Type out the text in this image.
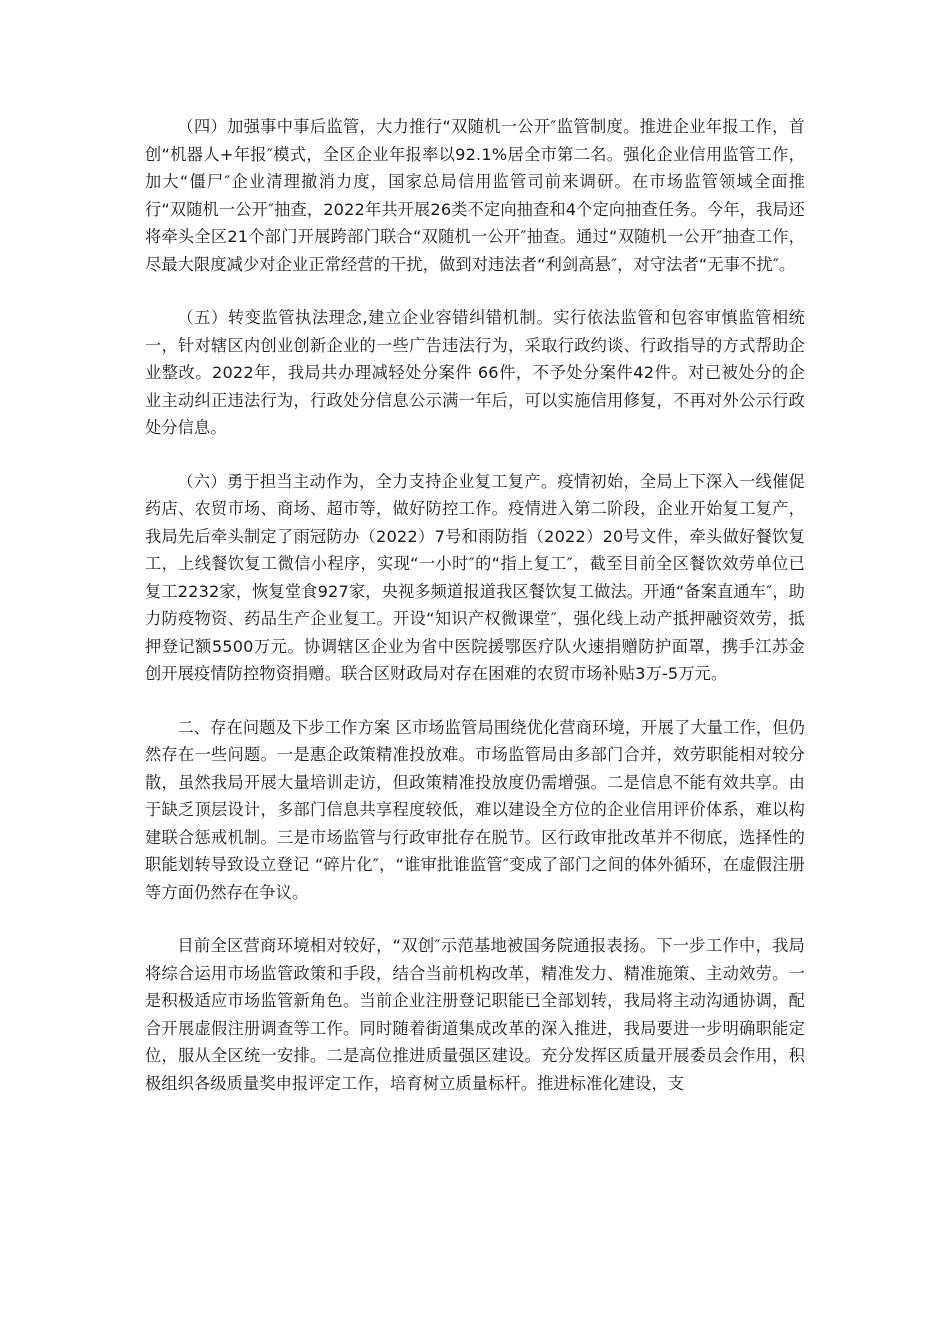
（四）加强事中事后监管，大力推行“双随机一公开″监管制度。推进企业年报工作，首创“机器人+年报″模式，全区企业年报率以92.1%居全市第二名。强化企业信用监管工作，加大“僵尸″企业清理撤消力度，国家总局信用监管司前来调研。在市场监管领域全面推行“双随机一公开″抽查，2022年共开展26类不定向抽查和4个定向抽查任务。今年，我局还将牵头全区21个部门开展跨部门联合“双随机一公开″抽查。通过“双随机一公开″抽查工作，尽最大限度减少对企业正常经营的干扰，做到对违法者“利剑高悬″，对守法者“无事不扰″。

（五）转变监管执法理念,建立企业容错纠错机制。实行依法监管和包容审慎监管相统一，针对辖区内创业创新企业的一些广告违法行为，采取行政约谈、行政指导的方式帮助企业整改。2022年，我局共办理减轻处分案件 66件，不予处分案件42件。对已被处分的企业主动纠正违法行为，行政处分信息公示满一年后，可以实施信用修复，不再对外公示行政处分信息。

（六）勇于担当主动作为，全力支持企业复工复产。疫情初始，全局上下深入一线催促药店、农贸市场、商场、超市等，做好防控工作。疫情进入第二阶段，企业开始复工复产，我局先后牵头制定了雨冠防办（2022）7号和雨防指（2022）20号文件，牵头做好餐饮复工，上线餐饮复工微信小程序，实现“一小时″的“指上复工″，截至目前全区餐饮效劳单位已复工2232家，恢复堂食927家，央视多频道报道我区餐饮复工做法。开通“备案直通车″，助力防疫物资、药品生产企业复工。开设“知识产权微课堂″，强化线上动产抵押融资效劳，抵押登记额5500万元。协调辖区企业为省中医院援鄂医疗队火速捐赠防护面罩，携手江苏金创开展疫情防控物资捐赠。联合区财政局对存在困难的农贸市场补贴3万-5万元。

二、存在问题及下步工作方案 区市场监管局围绕优化营商环境，开展了大量工作，但仍然存在一些问题。一是惠企政策精准投放难。市场监管局由多部门合并，效劳职能相对较分散，虽然我局开展大量培训走访，但政策精准投放度仍需增强。二是信息不能有效共享。由于缺乏顶层设计，多部门信息共享程度较低，难以建设全方位的企业信用评价体系，难以构建联合惩戒机制。三是市场监管与行政审批存在脱节。区行政审批改革并不彻底，选择性的职能划转导致设立登记 “碎片化″，“谁审批谁监管″变成了部门之间的体外循环，在虚假注册等方面仍然存在争议。

目前全区营商环境相对较好，“双创″示范基地被国务院通报表扬。下一步工作中，我局将综合运用市场监管政策和手段，结合当前机构改革，精准发力、精准施策、主动效劳。一是积极适应市场监管新角色。当前企业注册登记职能已全部划转，我局将主动沟通协调，配合开展虚假注册调查等工作。同时随着街道集成改革的深入推进，我局要进一步明确职能定位，服从全区统一安排。二是高位推进质量强区建设。充分发挥区质量开展委员会作用，积极组织各级质量奖申报评定工作，培育树立质量标杆。推进标准化建设，支
